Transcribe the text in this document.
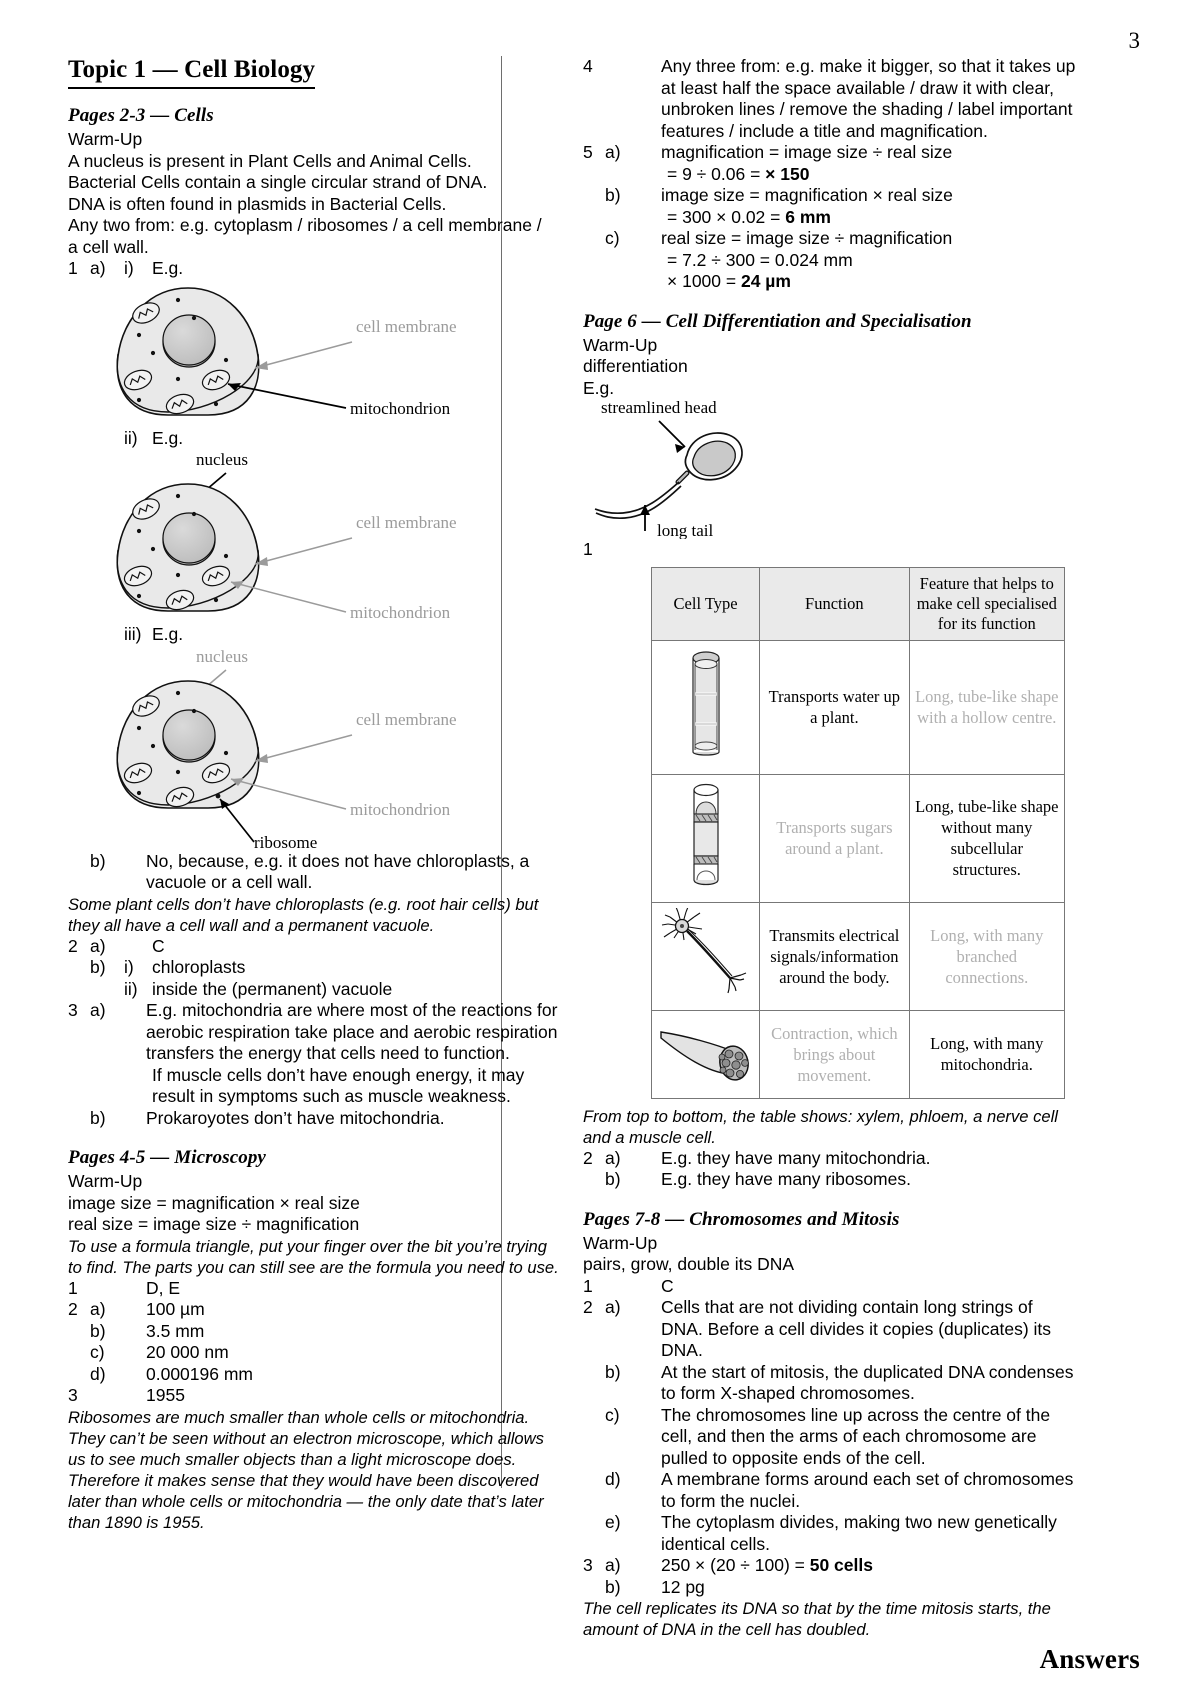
3
Topic 1 — Cell Biology
Pages 2-3 — Cells
Warm-Up
A nucleus is present in Plant Cells and Animal Cells.
Bacterial Cells contain a single circular strand of DNA.
DNA is often found in plasmids in Bacterial Cells.
Any two from: e.g. cytoplasm / ribosomes / a cell membrane /
a cell wall.
1 a)	i)	E.g.
cell membrane
mitochondrion
ii) E.g.
nucleus
cell membrane
mitochondrion
iii) E.g.
nucleus
cell membrane
mitochondrion
ribosome
b)	No, because, e.g. it does not have chloroplasts, a vacuole or a cell wall.
Some plant cells don’t have chloroplasts (e.g. root hair cells) but they all have a cell wall and a permanent vacuole.
2 a)	C
b)	i)	chloroplasts
ii) inside the (permanent) vacuole
3 a)	E.g. mitochondria are where most of the reactions for aerobic respiration take place and aerobic respiration transfers the energy that cells need to function.
If muscle cells don’t have enough energy, it may result in symptoms such as muscle weakness.
b)	Prokaroyotes don’t have mitochondria.
Pages 4-5 — Microscopy
Warm-Up
image size = magnification × real size
real size = image size ÷ magnification
To use a formula triangle, put your finger over the bit you’re trying to find. The parts you can still see are the formula you need to use.
1	D, E
2 a)	100 µm
b)	3.5 mm
c)	20 000 nm
d)	0.000196 mm
3	1955
Ribosomes are much smaller than whole cells or mitochondria. They can’t be seen without an electron microscope, which allows us to see much smaller objects than a light microscope does. Therefore it makes sense that they would have been discovered later than whole cells or mitochondria — the only date that’s later than 1890 is 1955.
4	Any three from: e.g. make it bigger, so that it takes up at least half the space available / draw it with clear, unbroken lines / remove the shading / label important features / include a title and magnification.
5 a)	magnification = image size ÷ real size
= 9 ÷ 0.06 = × 150
b)	image size = magnification × real size
= 300 × 0.02 = 6 mm
c)	real size = image size ÷ magnification
= 7.2 ÷ 300 = 0.024 mm
× 1000 = 24 µm
Page 6 — Cell Differentiation and Specialisation
Warm-Up
differentiation
E.g.
streamlined head
long tail
1
Cell Type	Function	Feature that helps to make cell specialised for its function
	Transports water up a plant.	Long, tube-like shape with a hollow centre.
	Transports sugars around a plant.	Long, tube-like shape without many subcellular structures.
	Transmits electrical signals/information around the body.	Long, with many branched connections.
	Contraction, which brings about movement.	Long, with many mitochondria.
From top to bottom, the table shows: xylem, phloem, a nerve cell and a muscle cell.
2 a)	E.g. they have many mitochondria.
b)	E.g. they have many ribosomes.
Pages 7-8 — Chromosomes and Mitosis
Warm-Up
pairs, grow, double its DNA
1	C
2 a)	Cells that are not dividing contain long strings of DNA. Before a cell divides it copies (duplicates) its DNA.
b)	At the start of mitosis, the duplicated DNA condenses to form X-shaped chromosomes.
c)	The chromosomes line up across the centre of the cell, and then the arms of each chromosome are pulled to opposite ends of the cell.
d)	A membrane forms around each set of chromosomes to form the nuclei.
e)	The cytoplasm divides, making two new genetically identical cells.
3 a)	250 × (20 ÷ 100) = 50 cells
b)	12 pg
The cell replicates its DNA so that by the time mitosis starts, the amount of DNA in the cell has doubled.
Answers
